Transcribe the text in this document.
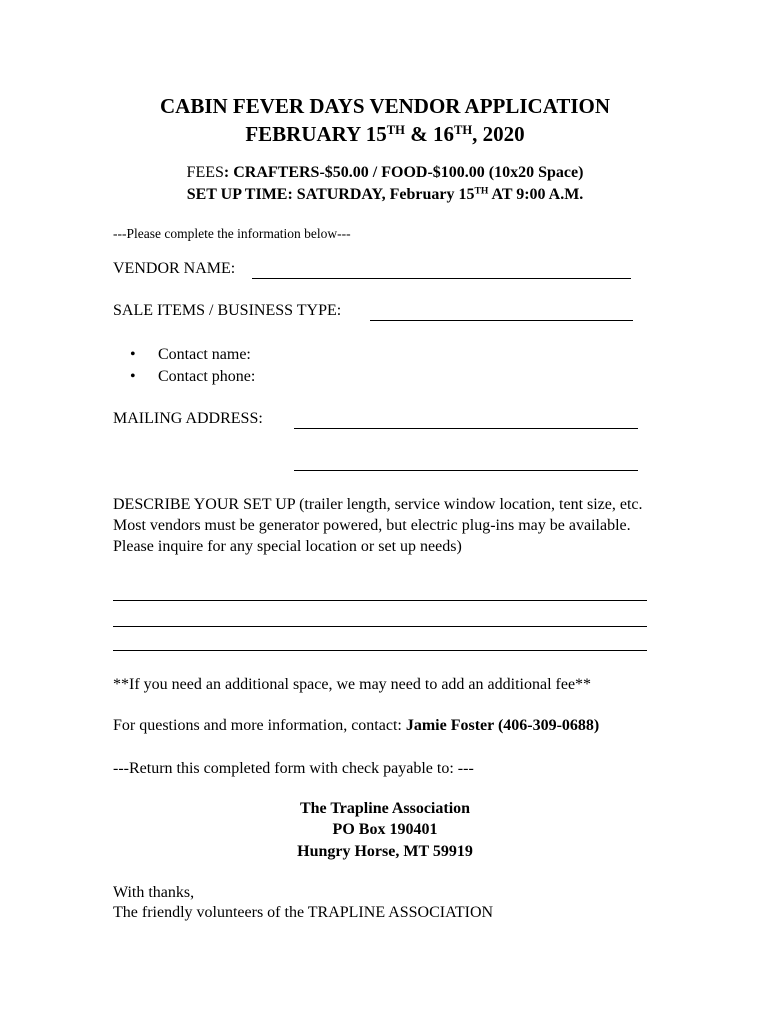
CABIN FEVER DAYS VENDOR APPLICATION
FEBRUARY 15TH & 16TH, 2020
FEES: CRAFTERS-$50.00 / FOOD-$100.00 (10x20 Space)
SET UP TIME: SATURDAY, February 15TH AT 9:00 A.M.
---Please complete the information below---
VENDOR NAME:
SALE ITEMS / BUSINESS TYPE:
•	Contact name:
•	Contact phone:
MAILING ADDRESS:
DESCRIBE YOUR SET UP (trailer length, service window location, tent size, etc. Most vendors must be generator powered, but electric plug-ins may be available. Please inquire for any special location or set up needs)
**If you need an additional space, we may need to add an additional fee**
For questions and more information, contact: Jamie Foster (406-309-0688)
---Return this completed form with check payable to: ---
The Trapline Association
PO Box 190401
Hungry Horse, MT 59919
With thanks,
The friendly volunteers of the TRAPLINE ASSOCIATION
